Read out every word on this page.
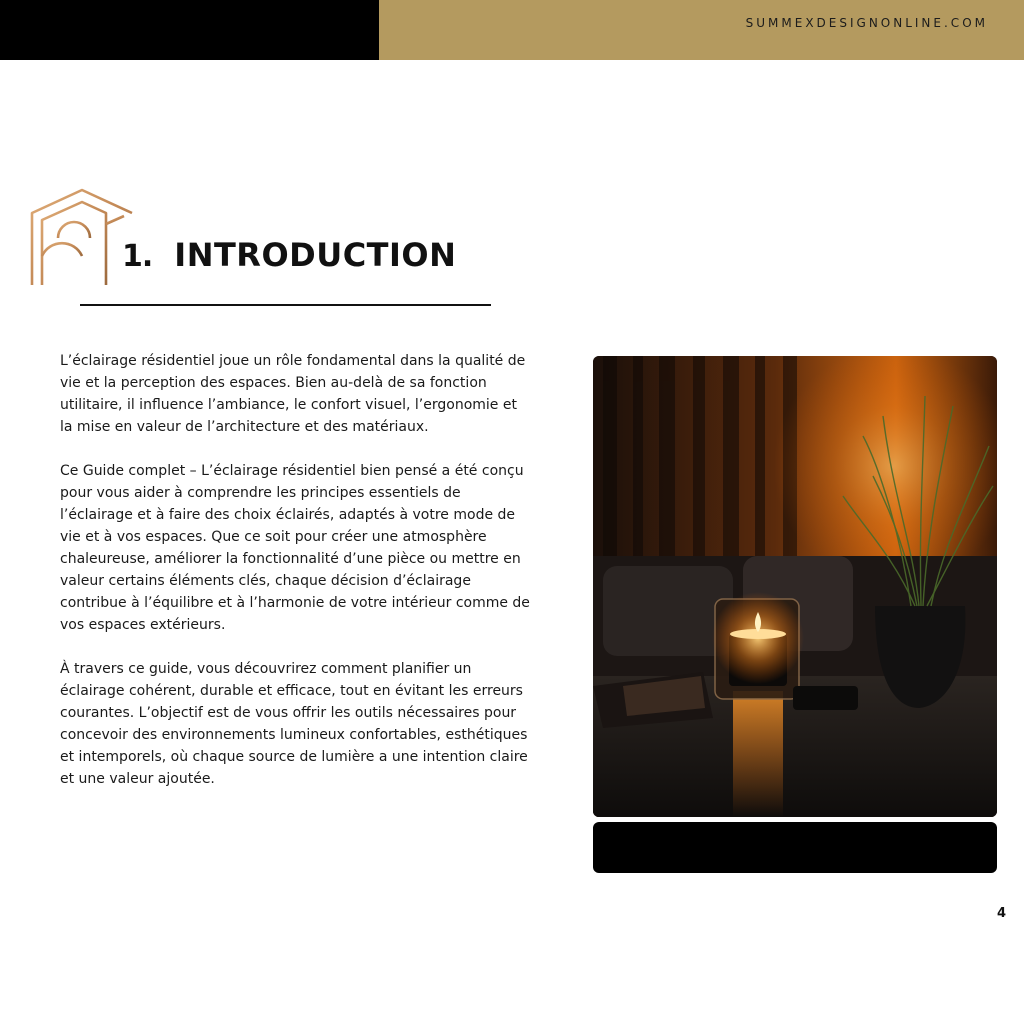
SUMMEXDESIGNONLINE.COM
1. INTRODUCTION

L’éclairage résidentiel joue un rôle fondamental dans la qualité de vie et la perception des espaces. Bien au-delà de sa fonction utilitaire, il influence l’ambiance, le confort visuel, l’ergonomie et la mise en valeur de l’architecture et des matériaux.

Ce Guide complet – L’éclairage résidentiel bien pensé a été conçu pour vous aider à comprendre les principes essentiels de l’éclairage et à faire des choix éclairés, adaptés à votre mode de vie et à vos espaces. Que ce soit pour créer une atmosphère chaleureuse, améliorer la fonctionnalité d’une pièce ou mettre en valeur certains éléments clés, chaque décision d’éclairage contribue à l’équilibre et à l’harmonie de votre intérieur comme de vos espaces extérieurs.

À travers ce guide, vous découvrirez comment planifier un éclairage cohérent, durable et efficace, tout en évitant les erreurs courantes. L’objectif est de vous offrir les outils nécessaires pour concevoir des environnements lumineux confortables, esthétiques et intemporels, où chaque source de lumière a une intention claire et une valeur ajoutée.

4
